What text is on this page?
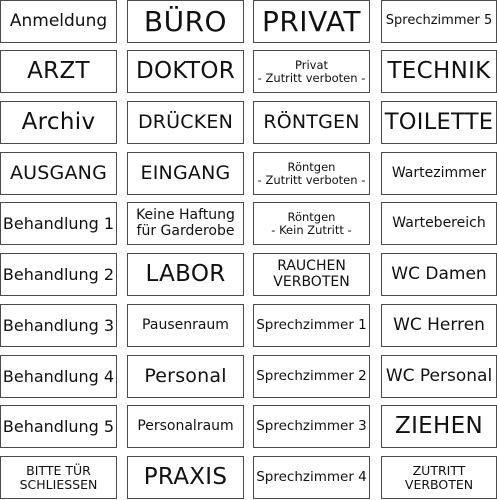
Anmeldung
ARZT
Archiv
AUSGANG
Behandlung 1
Behandlung 2
Behandlung 3
Behandlung 4
Behandlung 5
BITTE TÜR
SCHLIESSEN
BÜRO
DOKTOR
DRÜCKEN
EINGANG
Keine Haftung
für Garderobe
LABOR
Pausenraum
Personal
Personalraum
PRAXIS
PRIVAT
Privat
- Zutritt verboten -
RÖNTGEN
Röntgen
- Zutritt verboten -
Röntgen
- Kein Zutritt -
RAUCHEN
VERBOTEN
Sprechzimmer 1
Sprechzimmer 2
Sprechzimmer 3
Sprechzimmer 4
Sprechzimmer 5
TECHNIK
TOILETTE
Wartezimmer
Wartebereich
WC Damen
WC Herren
WC Personal
ZIEHEN
ZUTRITT
VERBOTEN
